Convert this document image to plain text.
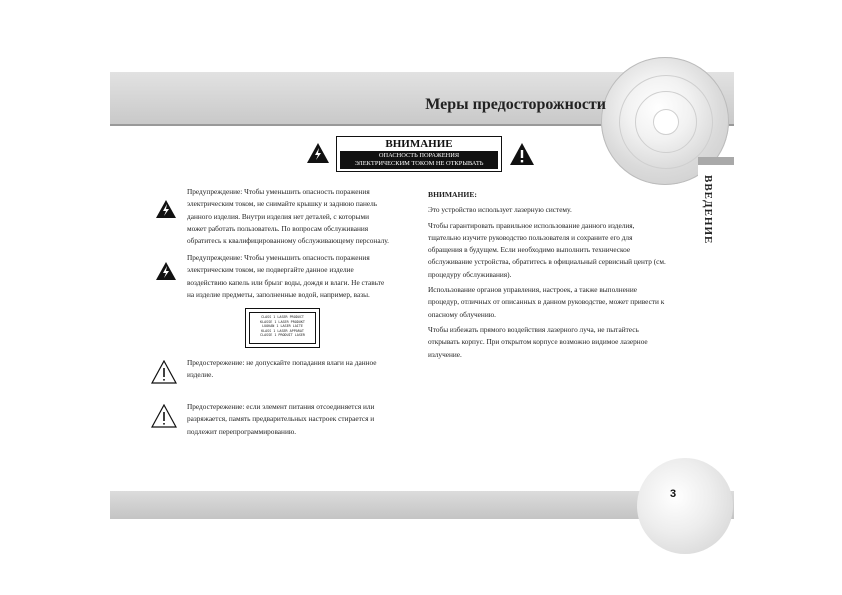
Меры предосторожности
ВВЕДЕНИЕ
ВНИМАНИЕ
ОПАСНОСТЬ ПОРАЖЕНИЯ
ЭЛЕКТРИЧЕСКИМ ТОКОМ НЕ ОТКРЫВАТЬ

Предупреждение: Чтобы уменьшить опасность поражения

электрическим током, не снимайте крышку и заднюю панель

данного изделия. Внутри изделия нет деталей, с которыми

может работать пользователь. По вопросам обслуживания

обратитесь к квалифицированному обслуживающему персоналу.

Предупреждение: Чтобы уменьшить опасность поражения

электрическим током, не подвергайте данное изделие

воздействию капель или брызг воды, дождя и влаги. Не ставьте

на изделие предметы, заполненные водой, например, вазы.

CLASS 1 LASER PRODUCT
KLASSE 1 LASER PRODUKT
LUOKAN 1 LASER LAITE
KLASS 1 LASER APPARAT
CLASSE 1 PRODUIT LASER

Предостережение: не допускайте попадания влаги на данное

изделие.

Предостережение: если элемент питания отсоединяется или

разряжается, память предварительных настроек стирается и

подлежит перепрограммированию.

ВНИМАНИЕ:

Это устройство использует лазерную систему.

Чтобы гарантировать правильное использование данного изделия,
тщательно изучите руководство пользователя и сохраните его для
обращения в будущем. Если необходимо выполнить техническое
обслуживание устройства, обратитесь в официальный сервисный центр (см.
процедуру обслуживания).

Использование органов управления, настроек, а также выполнение
процедур, отличных от описанных в данном руководстве, может привести к
опасному облучению.

Чтобы избежать прямого воздействия лазерного луча, не пытайтесь
открывать корпус. При открытом корпусе возможно видимое лазерное
излучение.

3
